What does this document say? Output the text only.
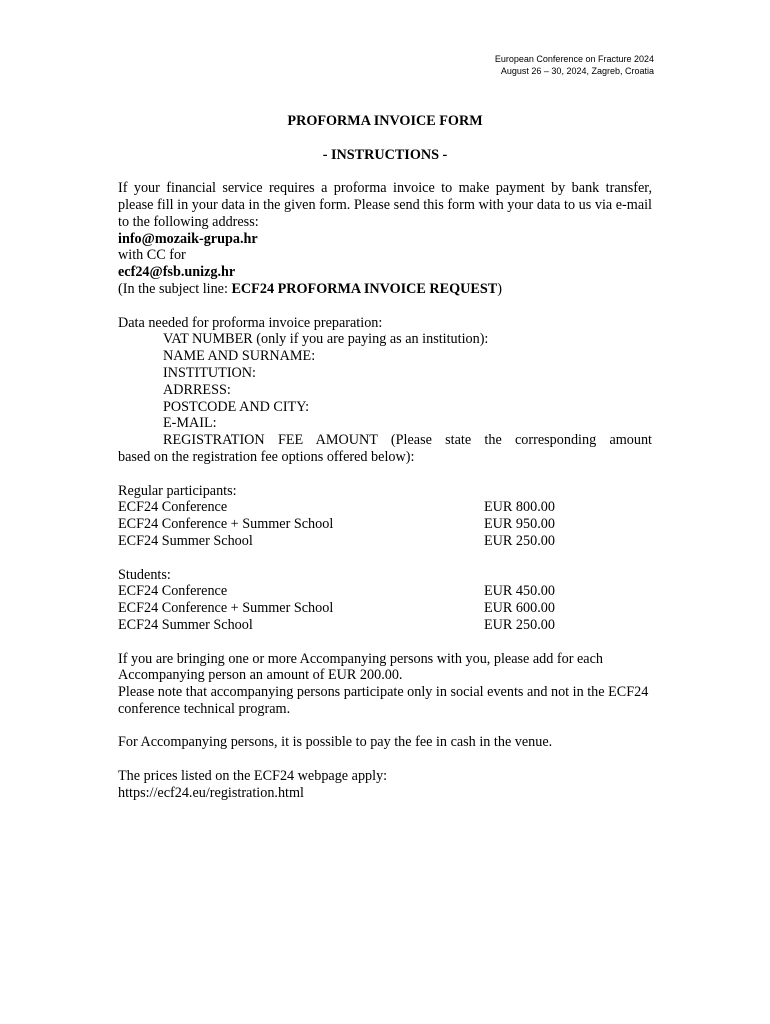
European Conference on Fracture 2024
August 26 – 30, 2024, Zagreb, Croatia

PROFORMA INVOICE FORM

- INSTRUCTIONS -

If your financial service requires a proforma invoice to make payment by bank transfer, please fill in your data in the given form. Please send this form with your data to us via e-mail to the following address:

info@mozaik-grupa.hr

with CC for

ecf24@fsb.unizg.hr

(In the subject line: ECF24 PROFORMA INVOICE REQUEST)

Data needed for proforma invoice preparation:

VAT NUMBER (only if you are paying as an institution):

NAME AND SURNAME:

INSTITUTION:

ADRRESS:

POSTCODE AND CITY:

E-MAIL:

REGISTRATION FEE AMOUNT (Please state the corresponding amount

based on the registration fee options offered below):

Regular participants:

ECF24 Conference	EUR 800.00
ECF24 Conference + Summer School	EUR 950.00
ECF24 Summer School	EUR 250.00

Students:

ECF24 Conference	EUR 450.00
ECF24 Conference + Summer School	EUR 600.00
ECF24 Summer School	EUR 250.00

If you are bringing one or more Accompanying persons with you, please add for each Accompanying person an amount of EUR 200.00.

Please note that accompanying persons participate only in social events and not in the ECF24 conference technical program.

For Accompanying persons, it is possible to pay the fee in cash in the venue.

The prices listed on the ECF24 webpage apply:

https://ecf24.eu/registration.html
